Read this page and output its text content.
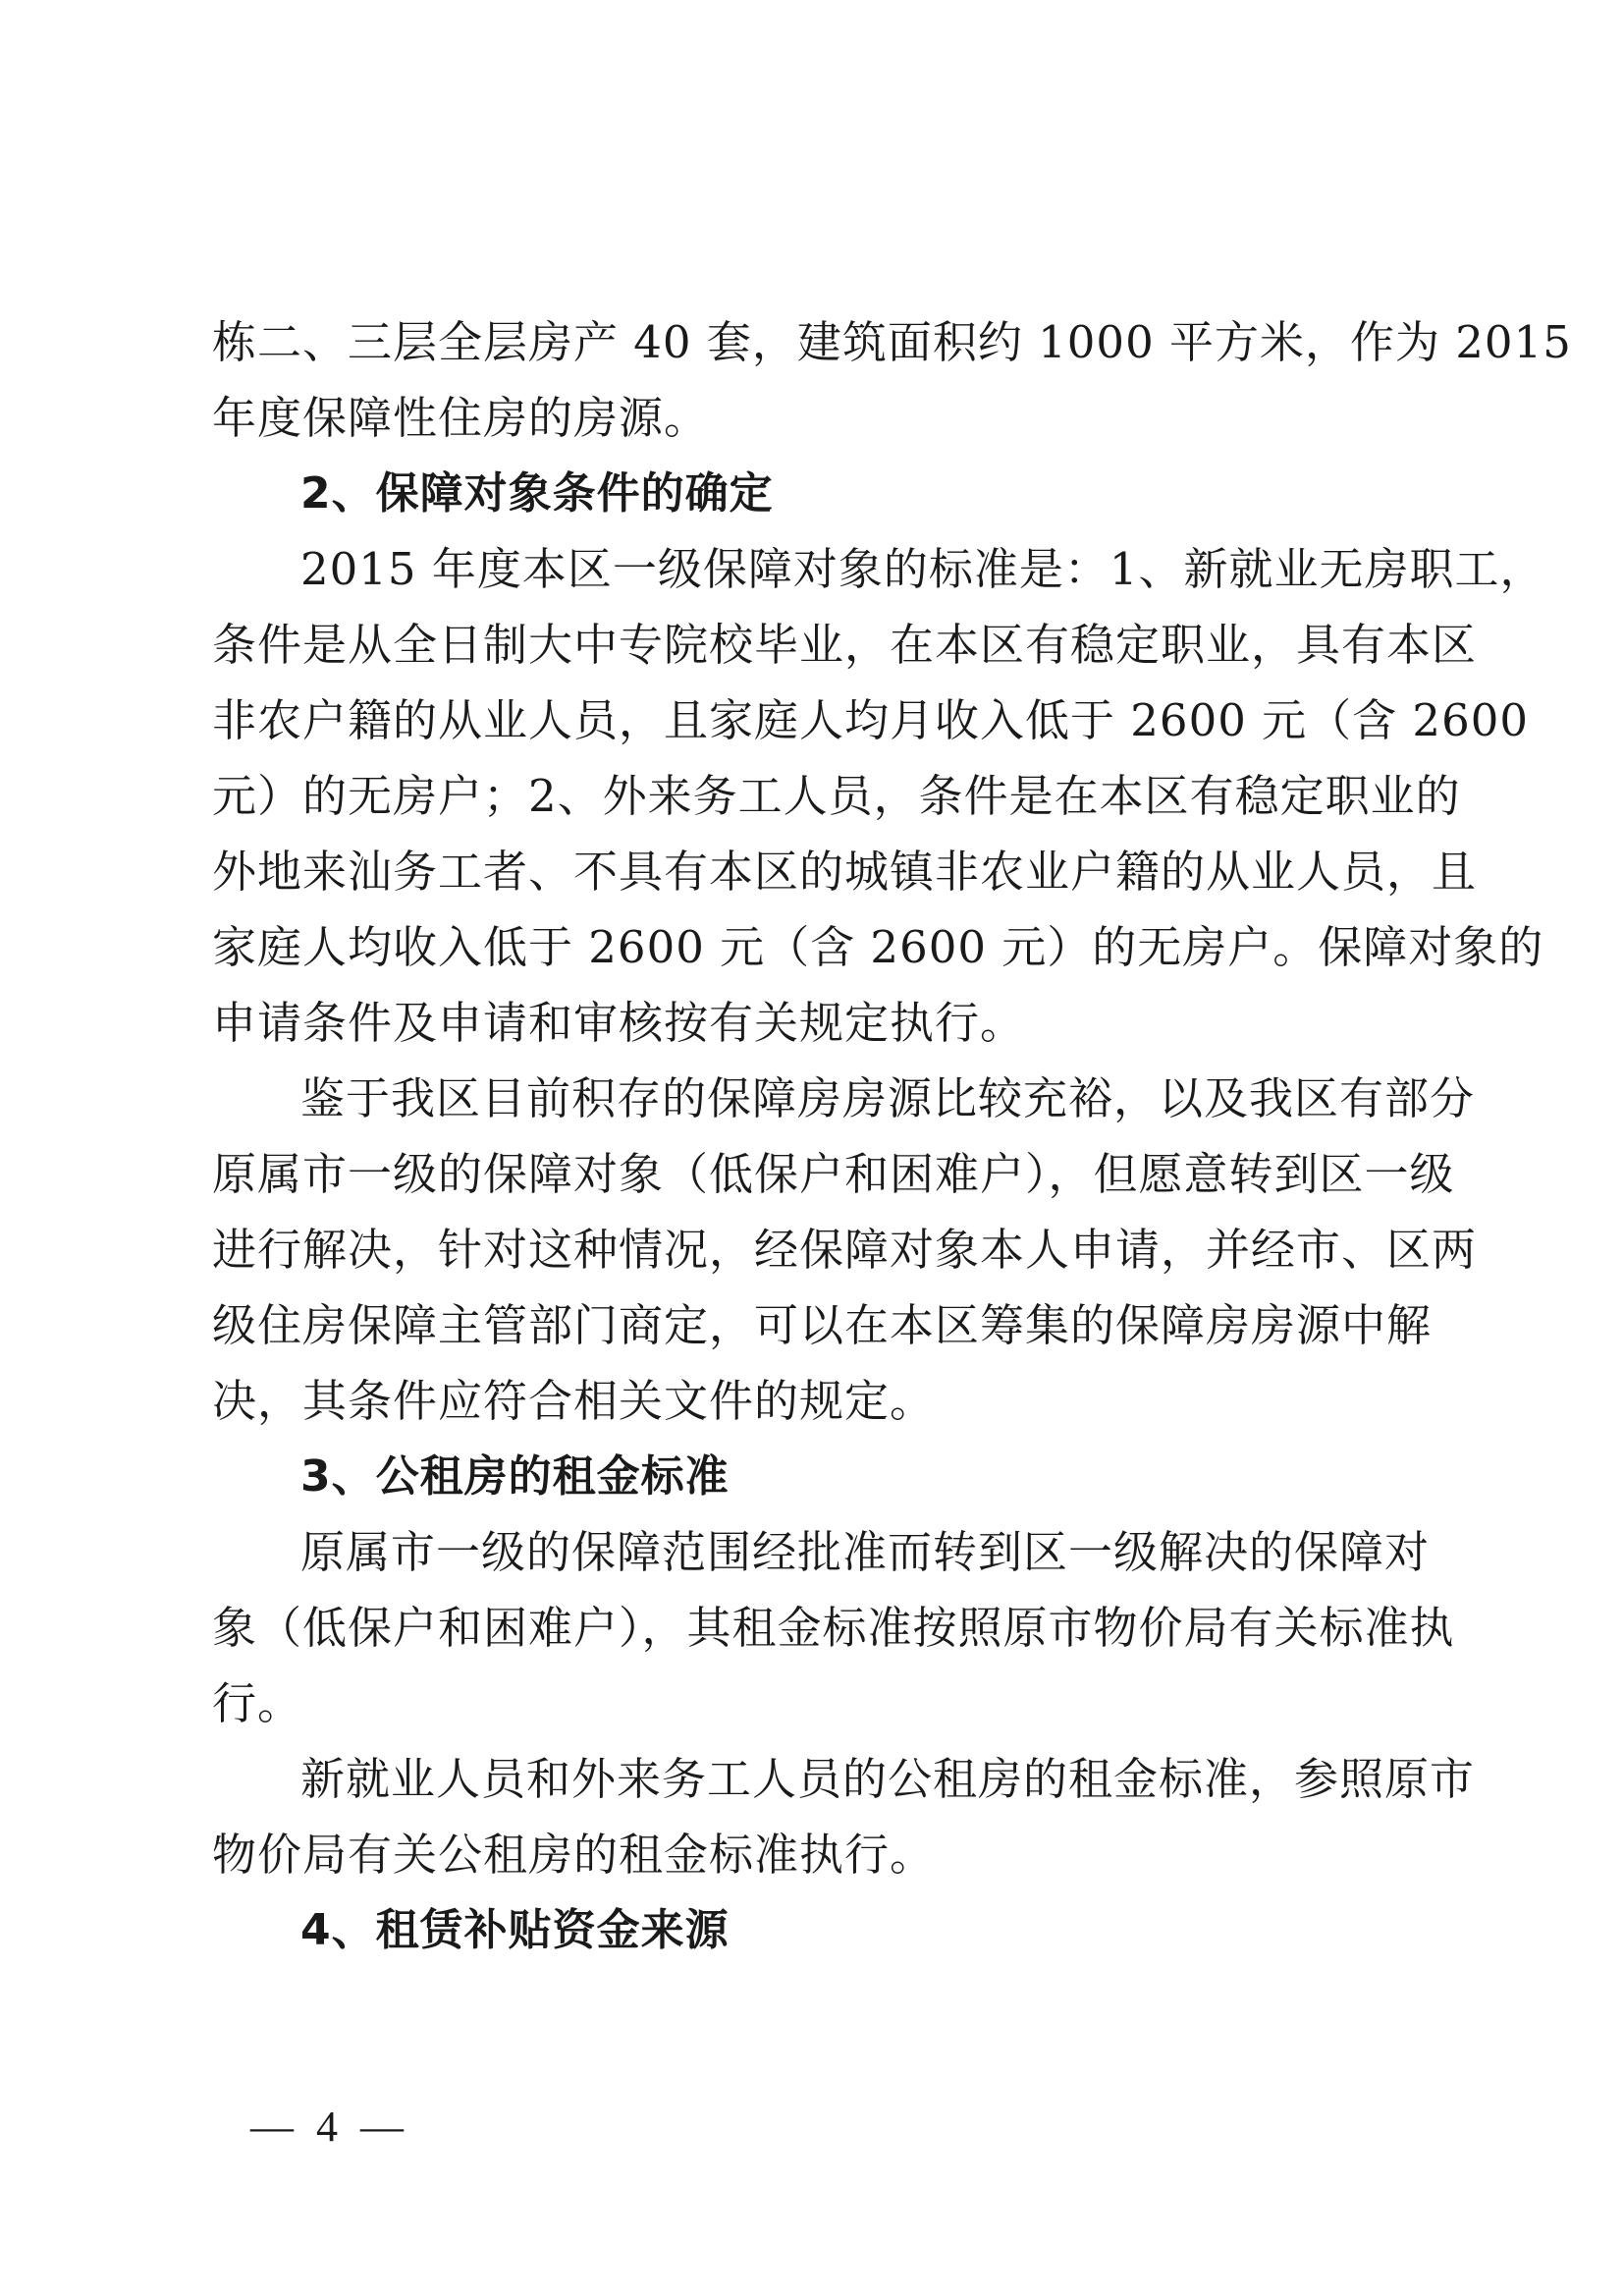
栋二、三层全层房产 40 套，建筑面积约 1000 平方米，作为 2015
年度保障性住房的房源。
2、保障对象条件的确定
2015 年度本区一级保障对象的标准是：1、新就业无房职工，
条件是从全日制大中专院校毕业，在本区有稳定职业，具有本区
非农户籍的从业人员，且家庭人均月收入低于 2600 元（含 2600
元）的无房户；2、外来务工人员，条件是在本区有稳定职业的
外地来汕务工者、不具有本区的城镇非农业户籍的从业人员，且
家庭人均收入低于 2600 元（含 2600 元）的无房户。保障对象的
申请条件及申请和审核按有关规定执行。
鉴于我区目前积存的保障房房源比较充裕，以及我区有部分
原属市一级的保障对象（低保户和困难户），但愿意转到区一级
进行解决，针对这种情况，经保障对象本人申请，并经市、区两
级住房保障主管部门商定，可以在本区筹集的保障房房源中解
决，其条件应符合相关文件的规定。
3、公租房的租金标准
原属市一级的保障范围经批准而转到区一级解决的保障对
象（低保户和困难户），其租金标准按照原市物价局有关标准执
行。
新就业人员和外来务工人员的公租房的租金标准，参照原市
物价局有关公租房的租金标准执行。
4、租赁补贴资金来源
— 4 —
